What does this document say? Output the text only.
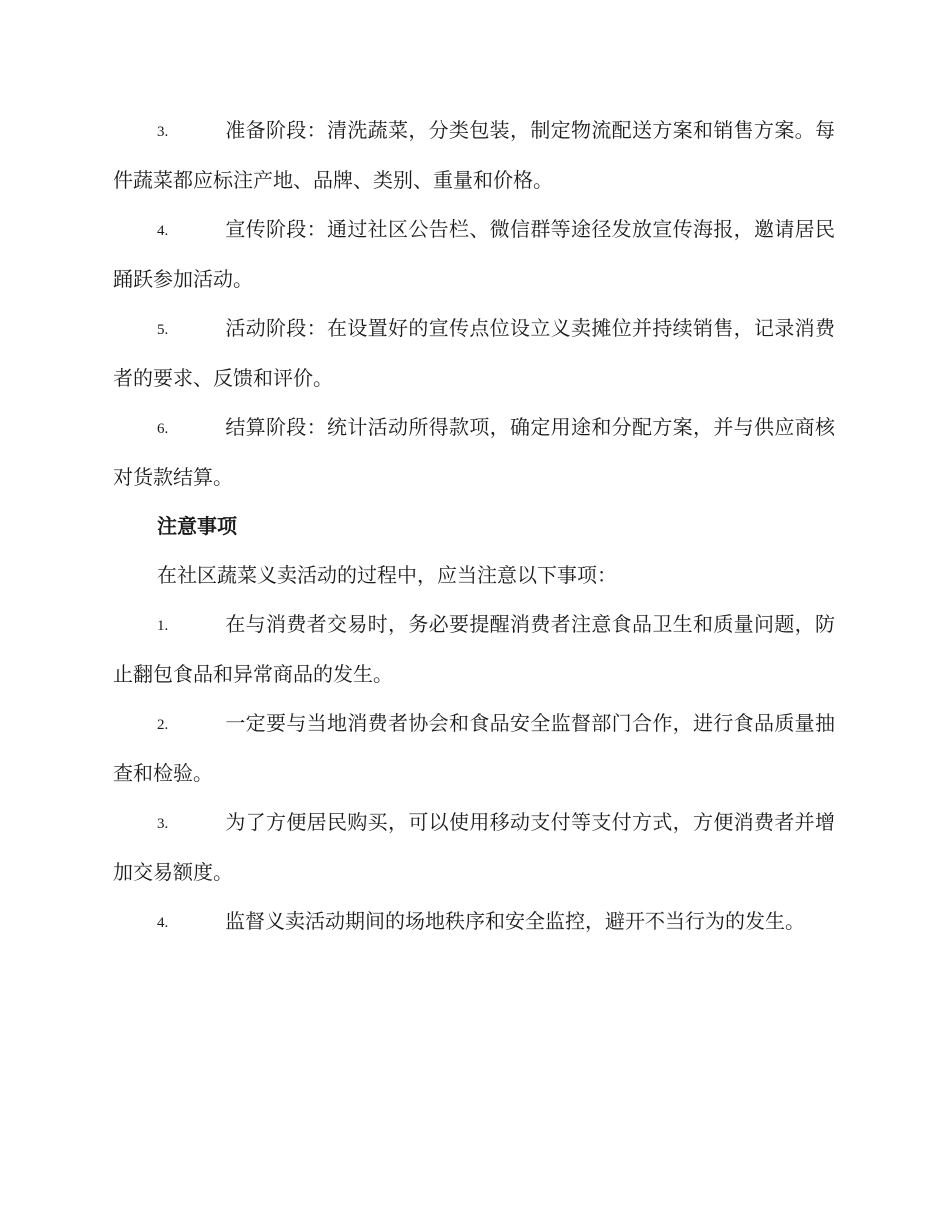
3.	准备阶段：清洗蔬菜，分类包装，制定物流配送方案和销售方案。每件蔬菜都应标注产地、品牌、类别、重量和价格。

4.	宣传阶段：通过社区公告栏、微信群等途径发放宣传海报，邀请居民踊跃参加活动。

5.	活动阶段：在设置好的宣传点位设立义卖摊位并持续销售，记录消费者的要求、反馈和评价。

6.	结算阶段：统计活动所得款项，确定用途和分配方案，并与供应商核对货款结算。

注意事项

在社区蔬菜义卖活动的过程中，应当注意以下事项：

1.	在与消费者交易时，务必要提醒消费者注意食品卫生和质量问题，防止翻包食品和异常商品的发生。

2.	一定要与当地消费者协会和食品安全监督部门合作，进行食品质量抽查和检验。

3.	为了方便居民购买，可以使用移动支付等支付方式，方便消费者并增加交易额度。

4.	监督义卖活动期间的场地秩序和安全监控，避开不当行为的发生。
